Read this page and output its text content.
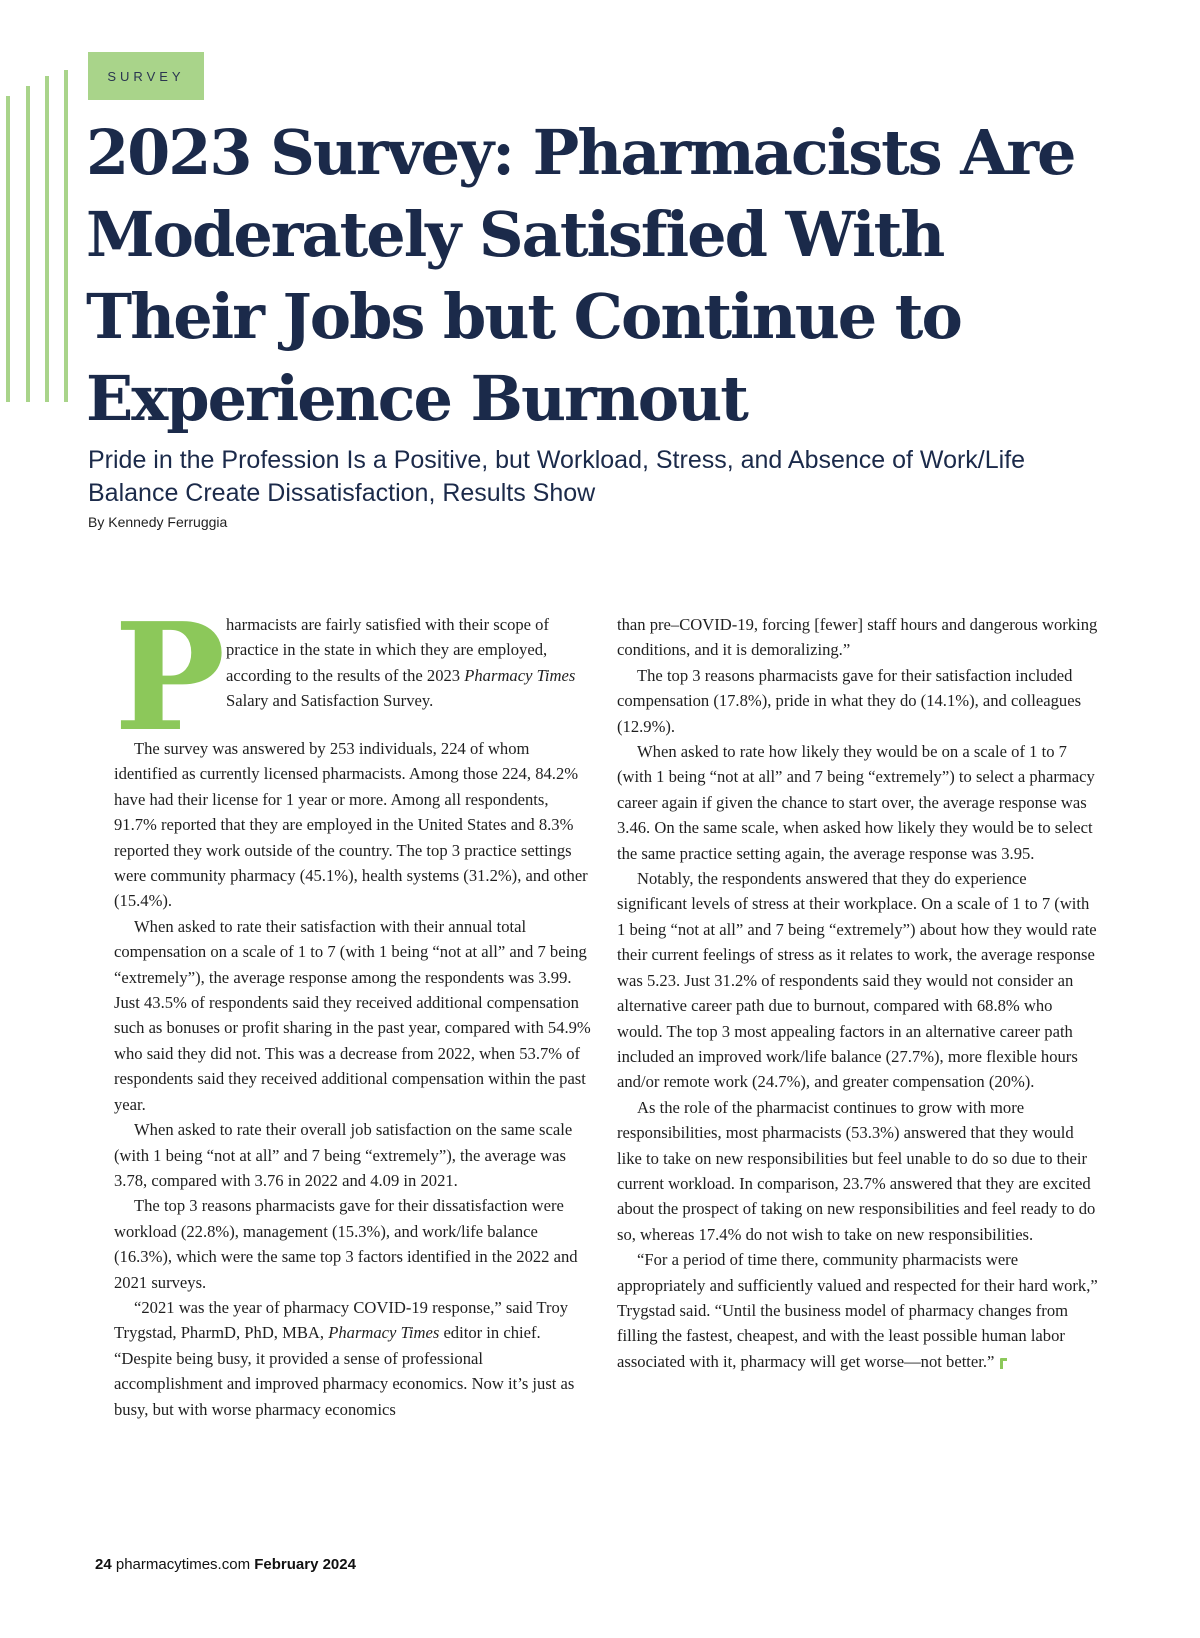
SURVEY
2023 Survey: Pharmacists Are Moderately Satisfied With Their Jobs but Continue to Experience Burnout
Pride in the Profession Is a Positive, but Workload, Stress, and Absence of Work/Life Balance Create Dissatisfaction, Results Show
By Kennedy Ferruggia
P harmacists are fairly satisfied with their scope of practice in the state in which they are employed, according to the results of the 2023 Pharmacy Times Salary and Satisfaction Survey.

The survey was answered by 253 individuals, 224 of whom identified as currently licensed pharmacists. Among those 224, 84.2% have had their license for 1 year or more. Among all respondents, 91.7% reported that they are employed in the United States and 8.3% reported they work outside of the country. The top 3 practice settings were community pharmacy (45.1%), health systems (31.2%), and other (15.4%).

When asked to rate their satisfaction with their annual total compensation on a scale of 1 to 7 (with 1 being “not at all” and 7 being “extremely”), the average response among the respondents was 3.99. Just 43.5% of respondents said they received additional compensation such as bonuses or profit sharing in the past year, compared with 54.9% who said they did not. This was a decrease from 2022, when 53.7% of respondents said they received additional compensation within the past year.

When asked to rate their overall job satisfaction on the same scale (with 1 being “not at all” and 7 being “extremely”), the average was 3.78, compared with 3.76 in 2022 and 4.09 in 2021.

The top 3 reasons pharmacists gave for their dissatisfaction were workload (22.8%), management (15.3%), and work/life balance (16.3%), which were the same top 3 factors identified in the 2022 and 2021 surveys.

“2021 was the year of pharmacy COVID-19 response,” said Troy Trygstad, PharmD, PhD, MBA, Pharmacy Times editor in chief. “Despite being busy, it provided a sense of professional accomplishment and improved pharmacy economics. Now it’s just as busy, but with worse pharmacy economics

than pre–COVID-19, forcing [fewer] staff hours and dangerous working conditions, and it is demoralizing.”

The top 3 reasons pharmacists gave for their satisfaction included compensation (17.8%), pride in what they do (14.1%), and colleagues (12.9%).

When asked to rate how likely they would be on a scale of 1 to 7 (with 1 being “not at all” and 7 being “extremely”) to select a pharmacy career again if given the chance to start over, the average response was 3.46. On the same scale, when asked how likely they would be to select the same practice setting again, the average response was 3.95.

Notably, the respondents answered that they do experience significant levels of stress at their workplace. On a scale of 1 to 7 (with 1 being “not at all” and 7 being “extremely”) about how they would rate their current feelings of stress as it relates to work, the average response was 5.23. Just 31.2% of respondents said they would not consider an alternative career path due to burnout, compared with 68.8% who would. The top 3 most appealing factors in an alternative career path included an improved work/life balance (27.7%), more flexible hours and/or remote work (24.7%), and greater compensation (20%).

As the role of the pharmacist continues to grow with more responsibilities, most pharmacists (53.3%) answered that they would like to take on new responsibilities but feel unable to do so due to their current workload. In comparison, 23.7% answered that they are excited about the prospect of taking on new responsibilities and feel ready to do so, whereas 17.4% do not wish to take on new responsibilities.

“For a period of time there, community pharmacists were appropriately and sufficiently valued and respected for their hard work,” Trygstad said. “Until the business model of pharmacy changes from filling the fastest, cheapest, and with the least possible human labor associated with it, pharmacy will get worse—not better.”

24 pharmacytimes.com February 2024
